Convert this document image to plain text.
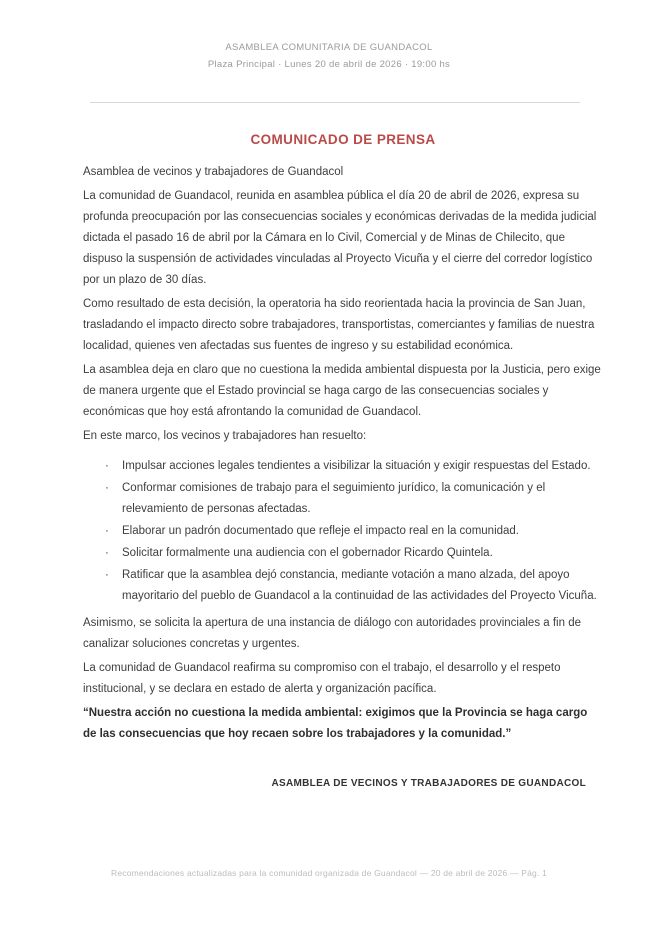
ASAMBLEA COMUNITARIA DE GUANDACOL
Plaza Principal · Lunes 20 de abril de 2026 · 19:00 hs
COMUNICADO DE PRENSA

Asamblea de vecinos y trabajadores de Guandacol

La comunidad de Guandacol, reunida en asamblea pública el día 20 de abril de 2026, expresa su profunda preocupación por las consecuencias sociales y económicas derivadas de la medida judicial dictada el pasado 16 de abril por la Cámara en lo Civil, Comercial y de Minas de Chilecito, que dispuso la suspensión de actividades vinculadas al Proyecto Vicuña y el cierre del corredor logístico por un plazo de 30 días.

Como resultado de esta decisión, la operatoria ha sido reorientada hacia la provincia de San Juan, trasladando el impacto directo sobre trabajadores, transportistas, comerciantes y familias de nuestra localidad, quienes ven afectadas sus fuentes de ingreso y su estabilidad económica.

La asamblea deja en claro que no cuestiona la medida ambiental dispuesta por la Justicia, pero exige de manera urgente que el Estado provincial se haga cargo de las consecuencias sociales y económicas que hoy está afrontando la comunidad de Guandacol.

En este marco, los vecinos y trabajadores han resuelto:

· Impulsar acciones legales tendientes a visibilizar la situación y exigir respuestas del Estado.
· Conformar comisiones de trabajo para el seguimiento jurídico, la comunicación y el relevamiento de personas afectadas.
· Elaborar un padrón documentado que refleje el impacto real en la comunidad.
· Solicitar formalmente una audiencia con el gobernador Ricardo Quintela.
· Ratificar que la asamblea dejó constancia, mediante votación a mano alzada, del apoyo mayoritario del pueblo de Guandacol a la continuidad de las actividades del Proyecto Vicuña.

Asimismo, se solicita la apertura de una instancia de diálogo con autoridades provinciales a fin de canalizar soluciones concretas y urgentes.

La comunidad de Guandacol reafirma su compromiso con el trabajo, el desarrollo y el respeto institucional, y se declara en estado de alerta y organización pacífica.

“Nuestra acción no cuestiona la medida ambiental: exigimos que la Provincia se haga cargo de las consecuencias que hoy recaen sobre los trabajadores y la comunidad.”

ASAMBLEA DE VECINOS Y TRABAJADORES DE GUANDACOL
Recomendaciones actualizadas para la comunidad organizada de Guandacol — 20 de abril de 2026 — Pág. 1
